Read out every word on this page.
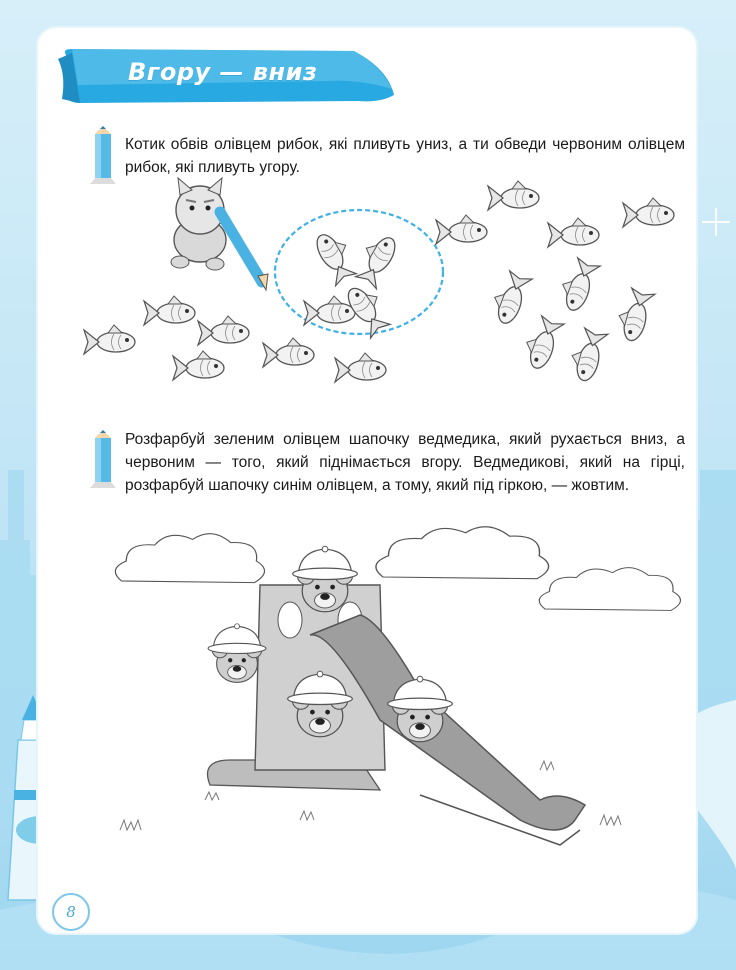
Вгору — вниз
Котик обвів олівцем рибок, які пливуть униз, а ти обведи червоним олівцем рибок, які пливуть угору.
Розфарбуй зеленим олівцем шапочку ведмедика, який рухається вниз, а червоним — того, який піднімається вгору. Ведмедикові, який на гірці, розфарбуй шапочку синім олівцем, а тому, який під гіркою, — жовтим.
8
